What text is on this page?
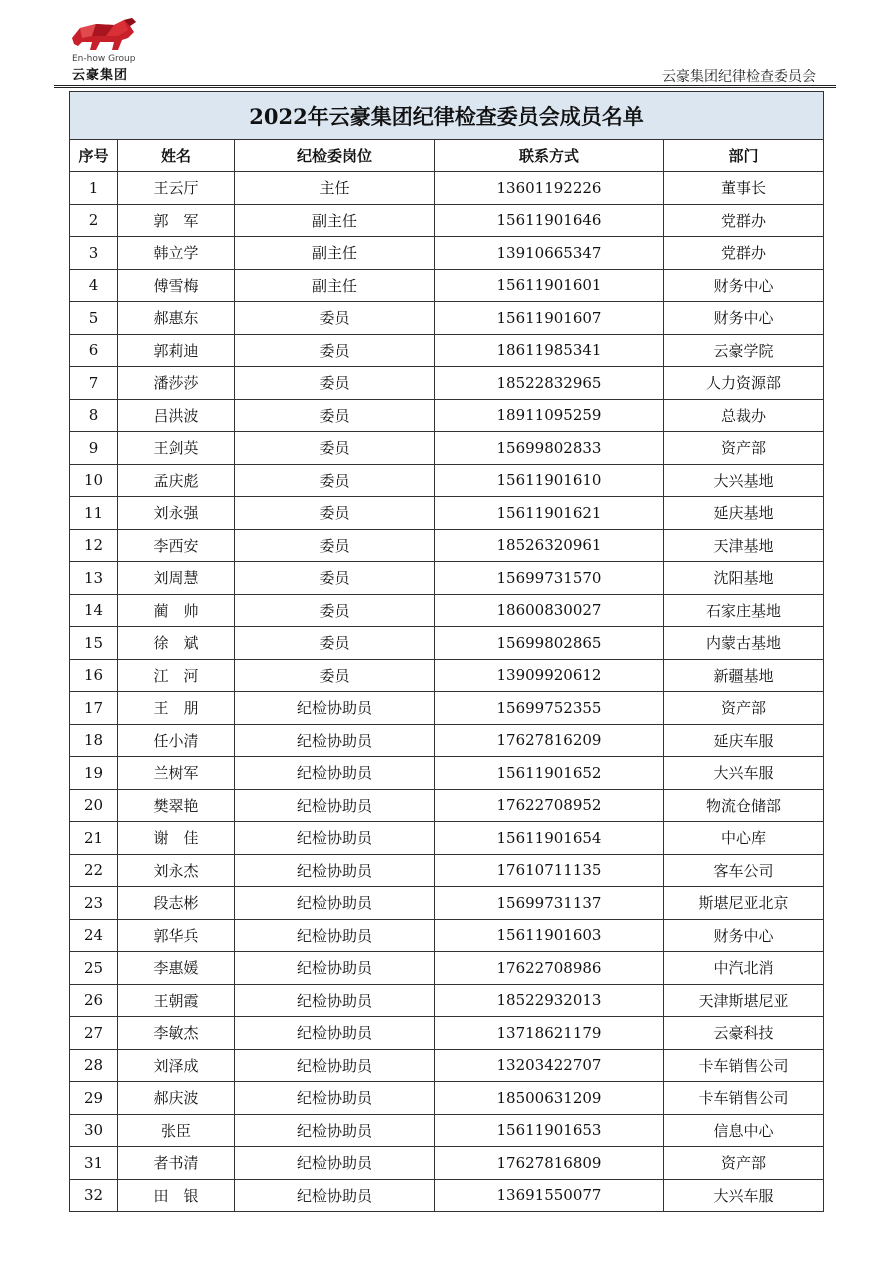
En-how Group
云豪集团	云豪集团纪律检查委员会
2022年云豪集团纪律检查委员会成员名单				
序号	姓名	纪检委岗位	联系方式	部门
1	王云厅	主任	13601192226	董事长
2	郭　军	副主任	15611901646	党群办
3	韩立学	副主任	13910665347	党群办
4	傅雪梅	副主任	15611901601	财务中心
5	郝惠东	委员	15611901607	财务中心
6	郭莉迪	委员	18611985341	云豪学院
7	潘莎莎	委员	18522832965	人力资源部
8	吕洪波	委员	18911095259	总裁办
9	王剑英	委员	15699802833	资产部
10	孟庆彪	委员	15611901610	大兴基地
11	刘永强	委员	15611901621	延庆基地
12	李西安	委员	18526320961	天津基地
13	刘周慧	委员	15699731570	沈阳基地
14	蔺　帅	委员	18600830027	石家庄基地
15	徐　斌	委员	15699802865	内蒙古基地
16	江　河	委员	13909920612	新疆基地
17	王　朋	纪检协助员	15699752355	资产部
18	任小清	纪检协助员	17627816209	延庆车服
19	兰树军	纪检协助员	15611901652	大兴车服
20	樊翠艳	纪检协助员	17622708952	物流仓储部
21	谢　佳	纪检协助员	15611901654	中心库
22	刘永杰	纪检协助员	17610711135	客车公司
23	段志彬	纪检协助员	15699731137	斯堪尼亚北京
24	郭华兵	纪检协助员	15611901603	财务中心
25	李惠媛	纪检协助员	17622708986	中汽北消
26	王朝霞	纪检协助员	18522932013	天津斯堪尼亚
27	李敏杰	纪检协助员	13718621179	云豪科技
28	刘泽成	纪检协助员	13203422707	卡车销售公司
29	郝庆波	纪检协助员	18500631209	卡车销售公司
30	张臣	纪检协助员	15611901653	信息中心
31	者书清	纪检协助员	17627816809	资产部
32	田　银	纪检协助员	13691550077	大兴车服
